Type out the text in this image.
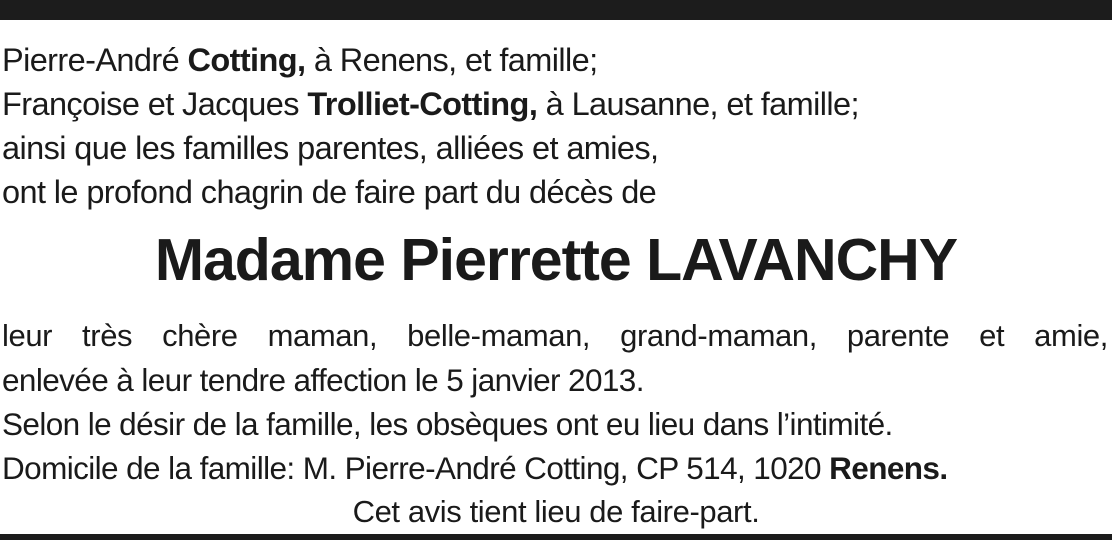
Pierre-André Cotting, à Renens, et famille;

Françoise et Jacques Trolliet-Cotting, à Lausanne, et famille;

ainsi que les familles parentes, alliées et amies,

ont le profond chagrin de faire part du décès de

Madame Pierrette LAVANCHY

leur très chère maman, belle-maman, grand-maman, parente et amie,

enlevée à leur tendre affection le 5 janvier 2013.

Selon le désir de la famille, les obsèques ont eu lieu dans l’intimité.

Domicile de la famille: M. Pierre-André Cotting, CP 514, 1020 Renens.

Cet avis tient lieu de faire-part.
